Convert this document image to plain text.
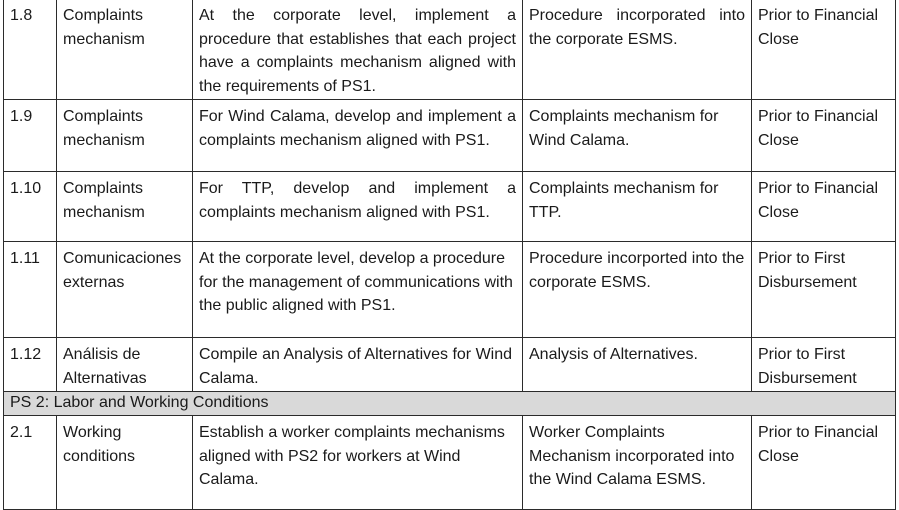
1.8	Complaints mechanism	At the corporate level, implement a procedure that establishes that each project have a complaints mechanism aligned with the requirements of PS1.	Procedure incorporated into the corporate ESMS.	Prior to Financial Close
1.9	Complaints mechanism	For Wind Calama, develop and implement a complaints mechanism aligned with PS1.	Complaints mechanism for Wind Calama.	Prior to Financial Close
1.10	Complaints mechanism	For TTP, develop and implement a complaints mechanism aligned with PS1.	Complaints mechanism for TTP.	Prior to Financial Close
1.11	Comunicaciones externas	At the corporate level, develop a procedure for the management of communications with the public aligned with PS1.	Procedure incorported into the corporate ESMS.	Prior to First Disbursement
1.12	Análisis de Alternativas	Compile an Analysis of Alternatives for Wind Calama.	Analysis of Alternatives.	Prior to First Disbursement
PS 2: Labor and Working Conditions				
2.1	Working conditions	Establish a worker complaints mechanisms aligned with PS2 for workers at Wind Calama.	Worker Complaints Mechanism incorporated into the Wind Calama ESMS.	Prior to Financial Close
